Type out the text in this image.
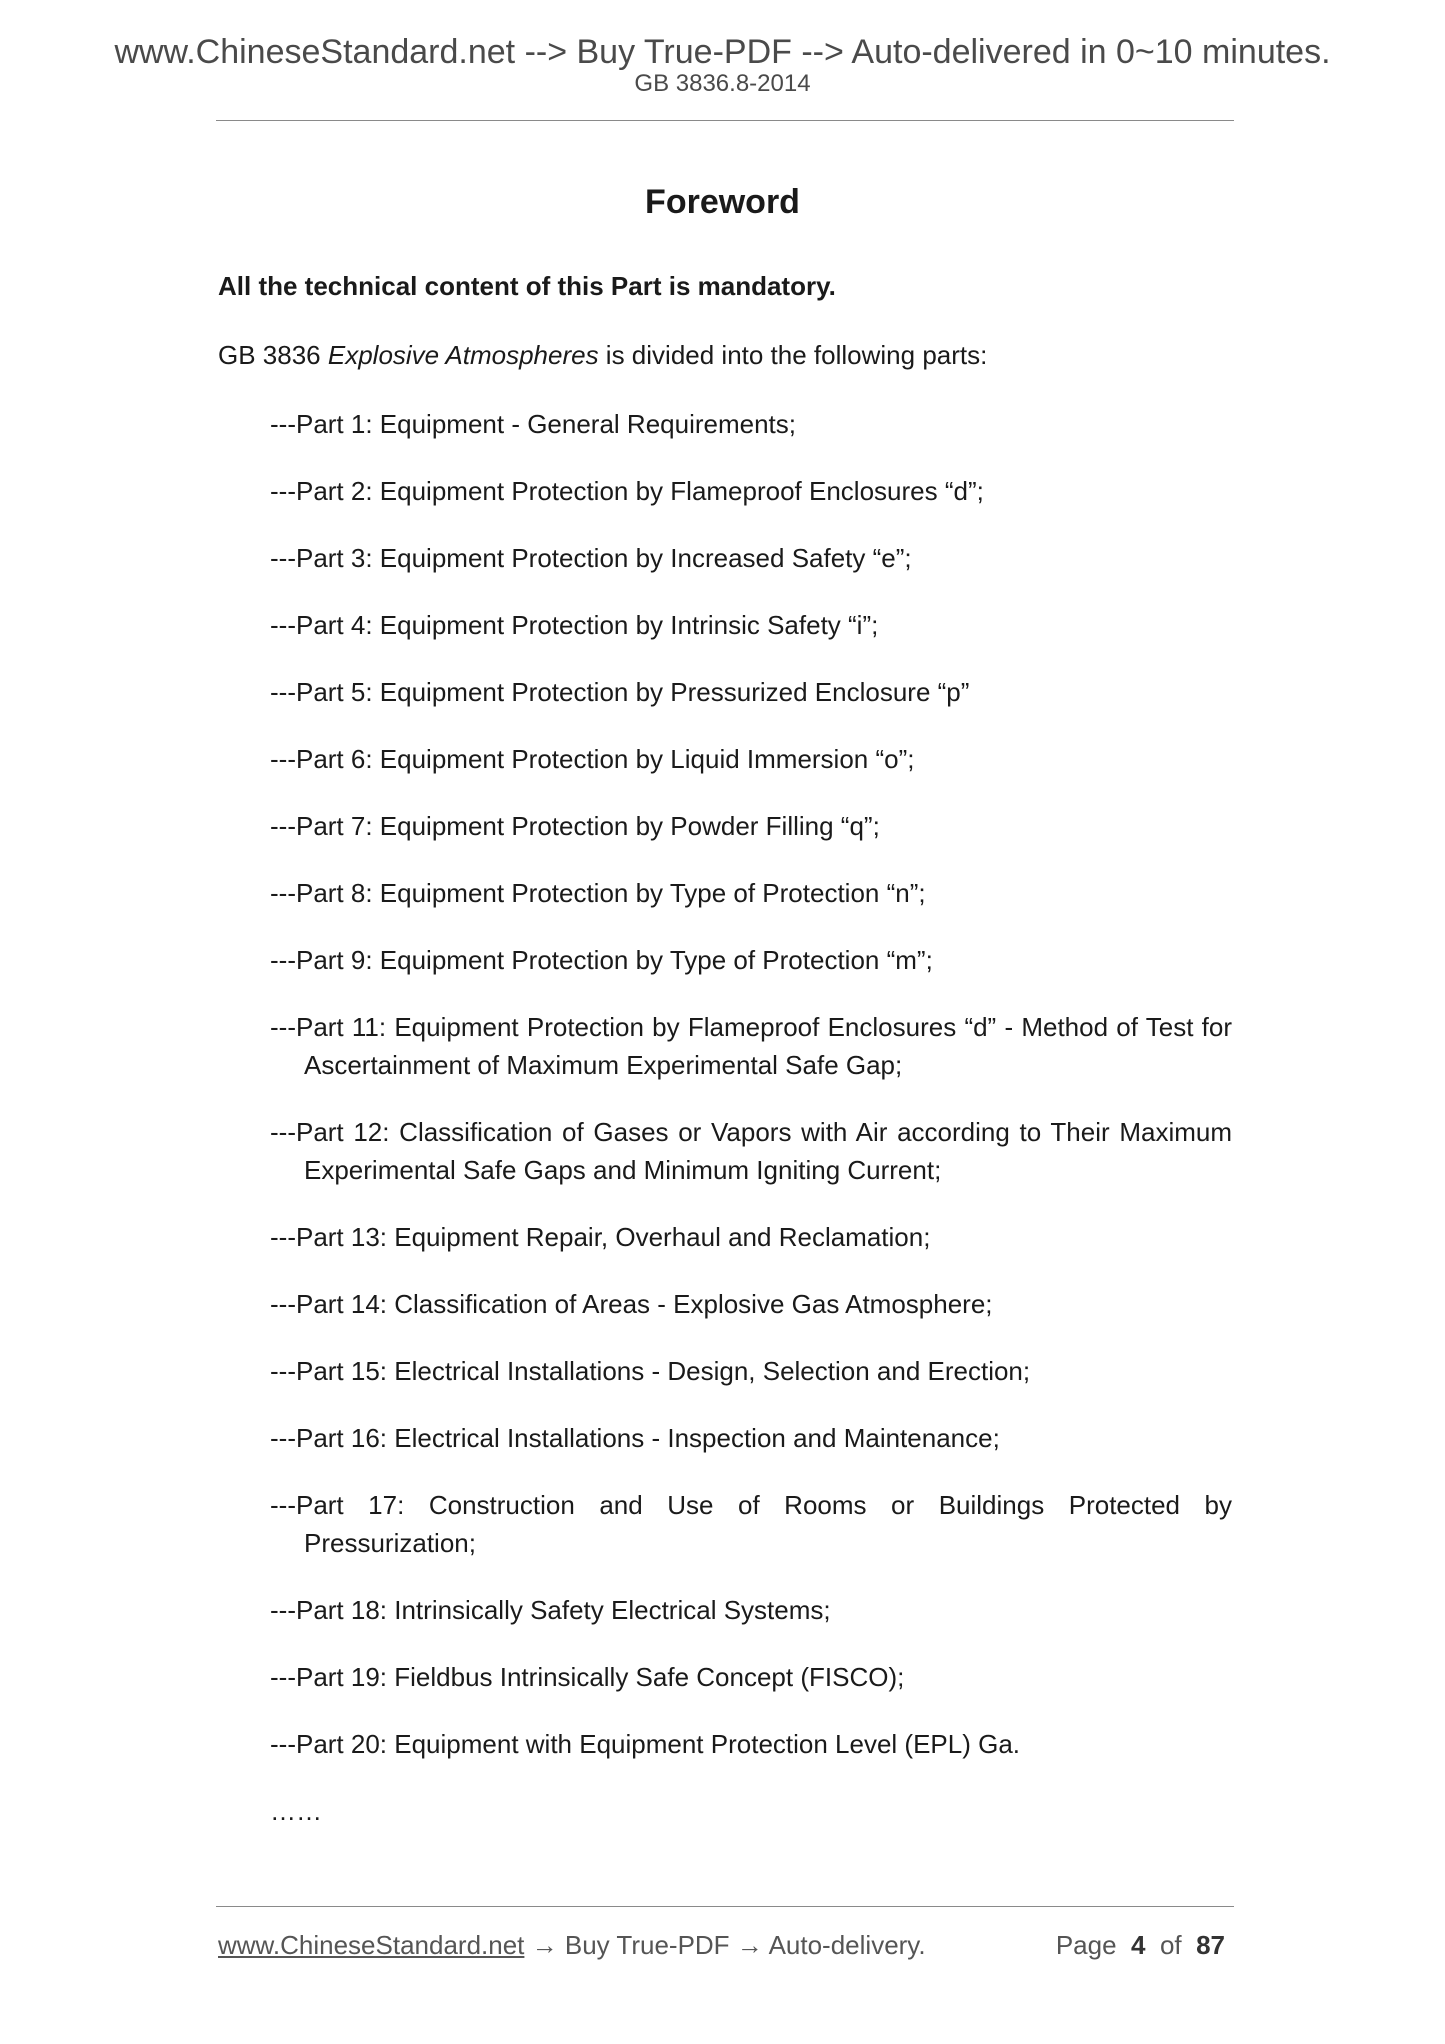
www.ChineseStandard.net --> Buy True-PDF --> Auto-delivered in 0~10 minutes.
GB 3836.8-2014
Foreword
All the technical content of this Part is mandatory.
GB 3836 Explosive Atmospheres is divided into the following parts:
---Part 1: Equipment - General Requirements;
---Part 2: Equipment Protection by Flameproof Enclosures “d”;
---Part 3: Equipment Protection by Increased Safety “e”;
---Part 4: Equipment Protection by Intrinsic Safety “i”;
---Part 5: Equipment Protection by Pressurized Enclosure “p”
---Part 6: Equipment Protection by Liquid Immersion “o”;
---Part 7: Equipment Protection by Powder Filling “q”;
---Part 8: Equipment Protection by Type of Protection “n”;
---Part 9: Equipment Protection by Type of Protection “m”;
---Part 11: Equipment Protection by Flameproof Enclosures “d” - Method of Test for Ascertainment of Maximum Experimental Safe Gap;
---Part 12: Classification of Gases or Vapors with Air according to Their Maximum Experimental Safe Gaps and Minimum Igniting Current;
---Part 13: Equipment Repair, Overhaul and Reclamation;
---Part 14: Classification of Areas - Explosive Gas Atmosphere;
---Part 15: Electrical Installations - Design, Selection and Erection;
---Part 16: Electrical Installations - Inspection and Maintenance;
---Part 17: Construction and Use of Rooms or Buildings Protected by Pressurization;
---Part 18: Intrinsically Safety Electrical Systems;
---Part 19: Fieldbus Intrinsically Safe Concept (FISCO);
---Part 20: Equipment with Equipment Protection Level (EPL) Ga.
……
www.ChineseStandard.net → Buy True-PDF → Auto-delivery.	Page 4 of 87
